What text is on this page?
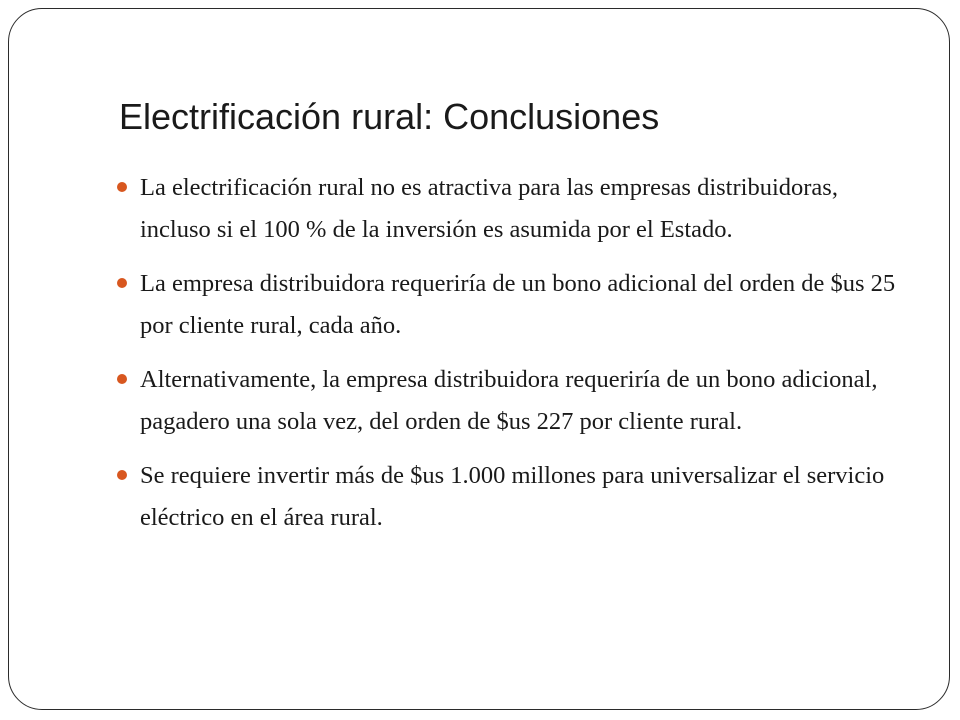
Electrificación rural: Conclusiones
La electrificación rural no es atractiva para las empresas distribuidoras, incluso si el 100 % de la inversión es asumida por el Estado.
La empresa distribuidora requeriría de un bono adicional del orden de $us 25 por cliente rural, cada año.
Alternativamente, la empresa distribuidora requeriría de un bono adicional, pagadero una sola vez, del orden de $us 227 por cliente rural.
Se requiere invertir más de $us 1.000 millones para universalizar el servicio eléctrico en el área rural.
